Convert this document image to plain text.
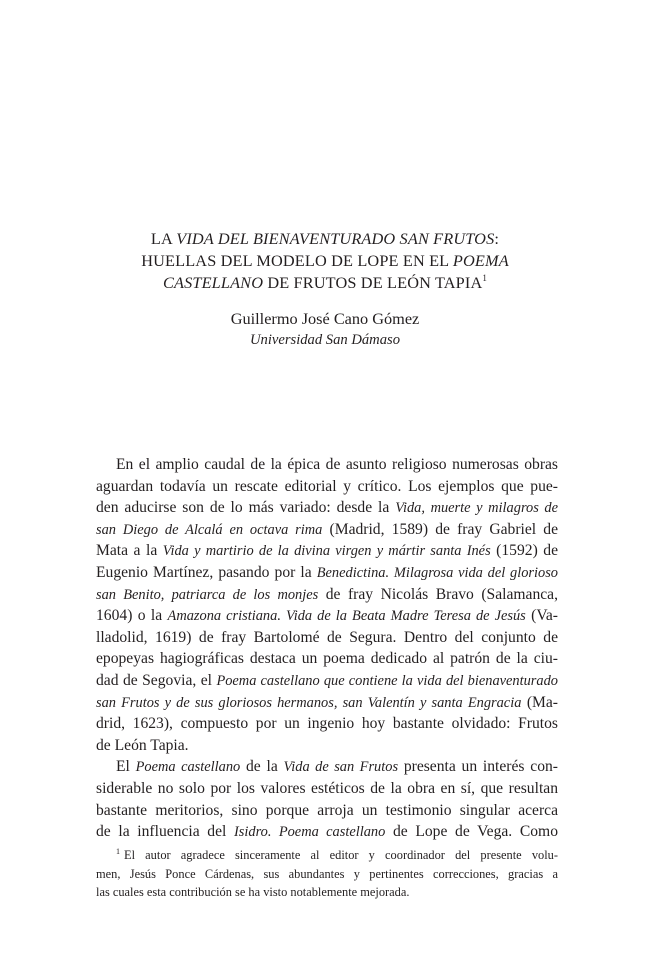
LA VIDA DEL BIENAVENTURADO SAN FRUTOS:
HUELLAS DEL MODELO DE LOPE EN EL POEMA
CASTELLANO DE FRUTOS DE LEÓN TAPIA$^1$
Guillermo José Cano Gómez
Universidad San Dámaso
En el amplio caudal de la épica de asunto religioso numerosas obras
aguardan todavía un rescate editorial y crítico. Los ejemplos que pue-
den aducirse son de lo más variado: desde la Vida, muerte y milagros de
san Diego de Alcalá en octava rima (Madrid, 1589) de fray Gabriel de
Mata a la Vida y martirio de la divina virgen y mártir santa Inés (1592) de
Eugenio Martínez, pasando por la Benedictina. Milagrosa vida del glorioso
san Benito, patriarca de los monjes de fray Nicolás Bravo (Salamanca,
1604) o la Amazona cristiana. Vida de la Beata Madre Teresa de Jesús (Va-
lladolid, 1619) de fray Bartolomé de Segura. Dentro del conjunto de
epopeyas hagiográficas destaca un poema dedicado al patrón de la ciu-
dad de Segovia, el Poema castellano que contiene la vida del bienaventurado
san Frutos y de sus gloriosos hermanos, san Valentín y santa Engracia (Ma-
drid, 1623), compuesto por un ingenio hoy bastante olvidado: Frutos
de León Tapia.
El Poema castellano de la Vida de san Frutos presenta un interés con-
siderable no solo por los valores estéticos de la obra en sí, que resultan
bastante meritorios, sino porque arroja un testimonio singular acerca
de la influencia del Isidro. Poema castellano de Lope de Vega. Como
$^1$ El autor agradece sinceramente al editor y coordinador del presente volu-
men, Jesús Ponce Cárdenas, sus abundantes y pertinentes correcciones, gracias a
las cuales esta contribución se ha visto notablemente mejorada.
